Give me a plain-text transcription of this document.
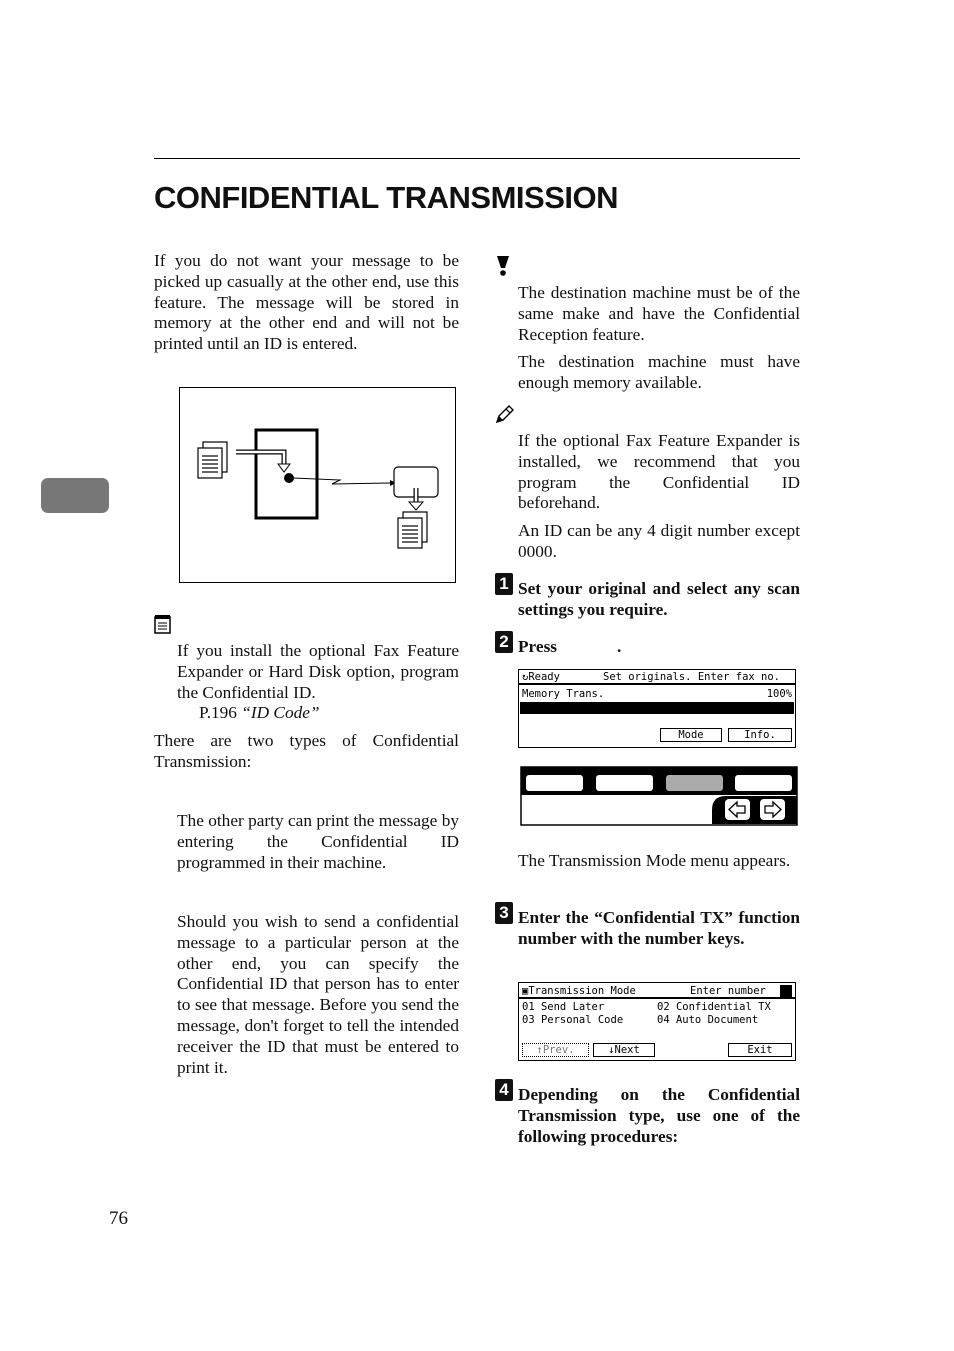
CONFIDENTIAL TRANSMISSION

If you do not want your message to be picked up casually at the other end, use this feature. The message will be stored in memory at the other end and will not be printed until an ID is entered.

If you install the optional Fax Feature Expander or Hard Disk option, program the Confidential ID.

P.196 “ID Code”

There are two types of Confidential Transmission:

The other party can print the message by entering the Confidential ID programmed in their machine.

Should you wish to send a confidential message to a particular person at the other end, you can specify the Confidential ID that person has to enter to see that message. Before you send the message, don't forget to tell the intended receiver the ID that must be entered to print it.

76

The destination machine must be of the same make and have the Confidential Reception feature.

The destination machine must have enough memory available.

If the optional Fax Feature Expander is installed, we recommend that you program the Confidential ID beforehand.

An ID can be any 4 digit number except 0000.

1 Set your original and select any scan settings you require.

2 Press	.

↻Ready	Set originals. Enter fax no.
Memory Trans.	100%

⌧

Dest:

0

Mode	Info.

The Transmission Mode menu appears.

3 Enter the “Confidential TX” function number with the number keys.

▣Transmission Mode	Enter number
01 Send Later	02 Confidential TX
03 Personal Code	04 Auto Document
↑Prev.	↓Next	Exit
4 Depending on the Confidential Transmission type, use one of the following procedures:
